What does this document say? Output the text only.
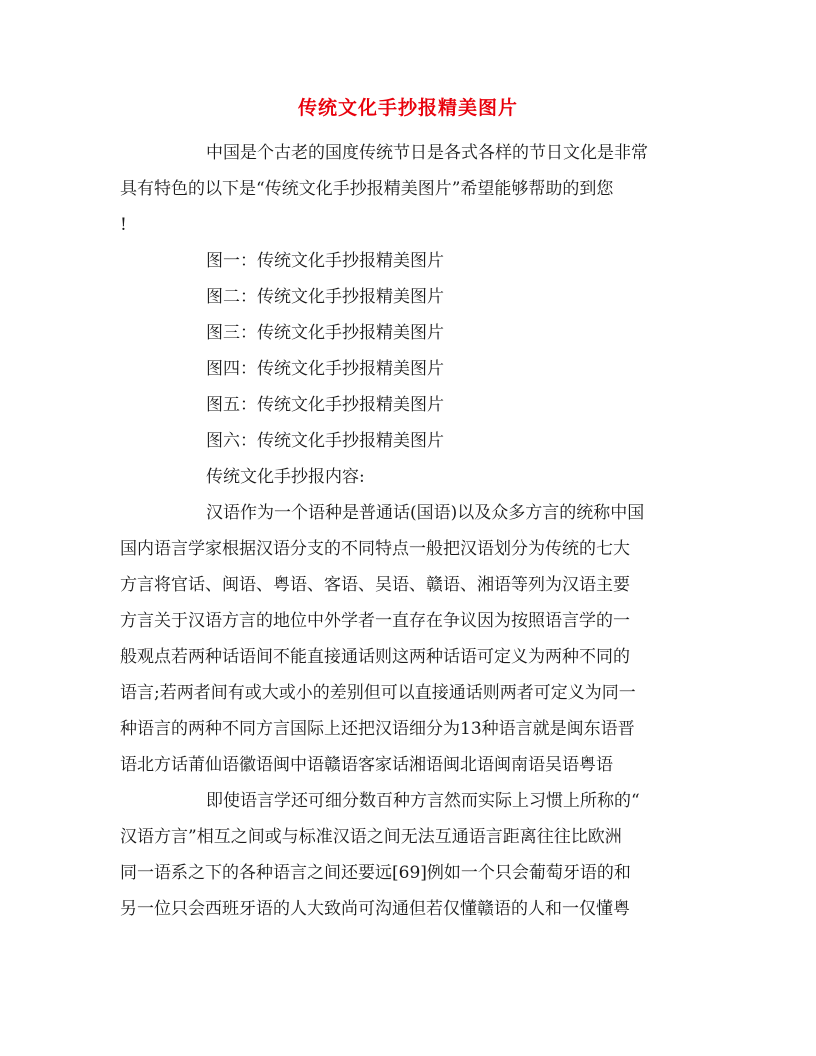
传统文化手抄报精美图片
中国是个古老的国度传统节日是各式各样的节日文化是非常
具有特色的以下是“传统文化手抄报精美图片”希望能够帮助的到您
!
图一：传统文化手抄报精美图片
图二：传统文化手抄报精美图片
图三：传统文化手抄报精美图片
图四：传统文化手抄报精美图片
图五：传统文化手抄报精美图片
图六：传统文化手抄报精美图片
传统文化手抄报内容:
汉语作为一个语种是普通话(国语)以及众多方言的统称中国
国内语言学家根据汉语分支的不同特点一般把汉语划分为传统的七大
方言将官话、闽语、粤语、客语、吴语、赣语、湘语等列为汉语主要
方言关于汉语方言的地位中外学者一直存在争议因为按照语言学的一
般观点若两种话语间不能直接通话则这两种话语可定义为两种不同的
语言;若两者间有或大或小的差别但可以直接通话则两者可定义为同一
种语言的两种不同方言国际上还把汉语细分为13种语言就是闽东语晋
语北方话莆仙语徽语闽中语赣语客家话湘语闽北语闽南语吴语粤语
即使语言学还可细分数百种方言然而实际上习惯上所称的“
汉语方言”相互之间或与标准汉语之间无法互通语言距离往往比欧洲
同一语系之下的各种语言之间还要远[69]例如一个只会葡萄牙语的和
另一位只会西班牙语的人大致尚可沟通但若仅懂赣语的人和一仅懂粤
